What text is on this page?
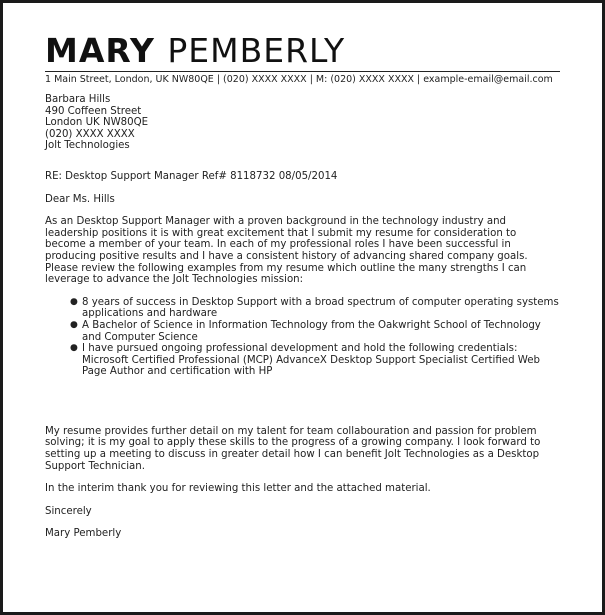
MARY PEMBERLY
1 Main Street, London, UK NW80QE | (020) XXXX XXXX | M: (020) XXXX XXXX | example-email@email.com

Barbara Hills
490 Coffeen Street
London UK NW80QE
(020) XXXX XXXX
Jolt Technologies

RE: Desktop Support Manager Ref# 8118732 08/05/2014

Dear Ms. Hills

As an Desktop Support Manager with a proven background in the technology industry and leadership positions it is with great excitement that I submit my resume for consideration to become a member of your team. In each of my professional roles I have been successful in producing positive results and I have a consistent history of advancing shared company goals. Please review the following examples from my resume which outline the many strengths I can leverage to advance the Jolt Technologies mission:

● 8 years of success in Desktop Support with a broad spectrum of computer operating systems applications and hardware
● A Bachelor of Science in Information Technology from the Oakwright School of Technology and Computer Science
● I have pursued ongoing professional development and hold the following credentials: Microsoft Certified Professional (MCP) AdvanceX Desktop Support Specialist Certified Web Page Author and certification with HP

My resume provides further detail on my talent for team collabouration and passion for problem solving; it is my goal to apply these skills to the progress of a growing company. I look forward to setting up a meeting to discuss in greater detail how I can benefit Jolt Technologies as a Desktop Support Technician.

In the interim thank you for reviewing this letter and the attached material.

Sincerely

Mary Pemberly
